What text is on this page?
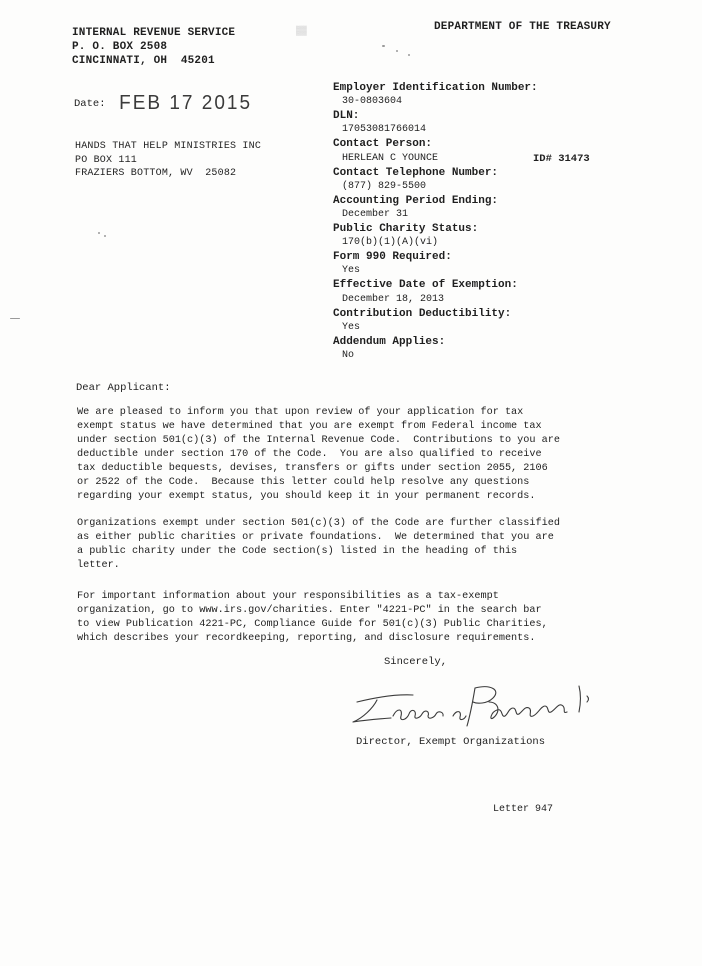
▓▓
INTERNAL REVENUE SERVICE
P. O. BOX 2508
CINCINNATI, OH  45201
DEPARTMENT OF THE TREASURY
Date: FEB 17 2015
HANDS THAT HELP MINISTRIES INC
PO BOX 111
FRAZIERS BOTTOM, WV  25082
Employer Identification Number:
30-0803604
DLN:
17053081766014
Contact Person:
HERLEAN C YOUNCE	ID# 31473
Contact Telephone Number:
(877) 829-5500
Accounting Period Ending:
December 31
Public Charity Status:
170(b)(1)(A)(vi)
Form 990 Required:
Yes
Effective Date of Exemption:
December 18, 2013
Contribution Deductibility:
Yes
Addendum Applies:
No
Dear Applicant:
We are pleased to inform you that upon review of your application for tax
exempt status we have determined that you are exempt from Federal income tax
under section 501(c)(3) of the Internal Revenue Code.  Contributions to you are
deductible under section 170 of the Code.  You are also qualified to receive
tax deductible bequests, devises, transfers or gifts under section 2055, 2106
or 2522 of the Code.  Because this letter could help resolve any questions
regarding your exempt status, you should keep it in your permanent records.
Organizations exempt under section 501(c)(3) of the Code are further classified
as either public charities or private foundations.  We determined that you are
a public charity under the Code section(s) listed in the heading of this
letter.
For important information about your responsibilities as a tax-exempt
organization, go to www.irs.gov/charities. Enter "4221-PC" in the search bar
to view Publication 4221-PC, Compliance Guide for 501(c)(3) Public Charities,
which describes your recordkeeping, reporting, and disclosure requirements.
Sincerely,
Director, Exempt Organizations
Letter 947
